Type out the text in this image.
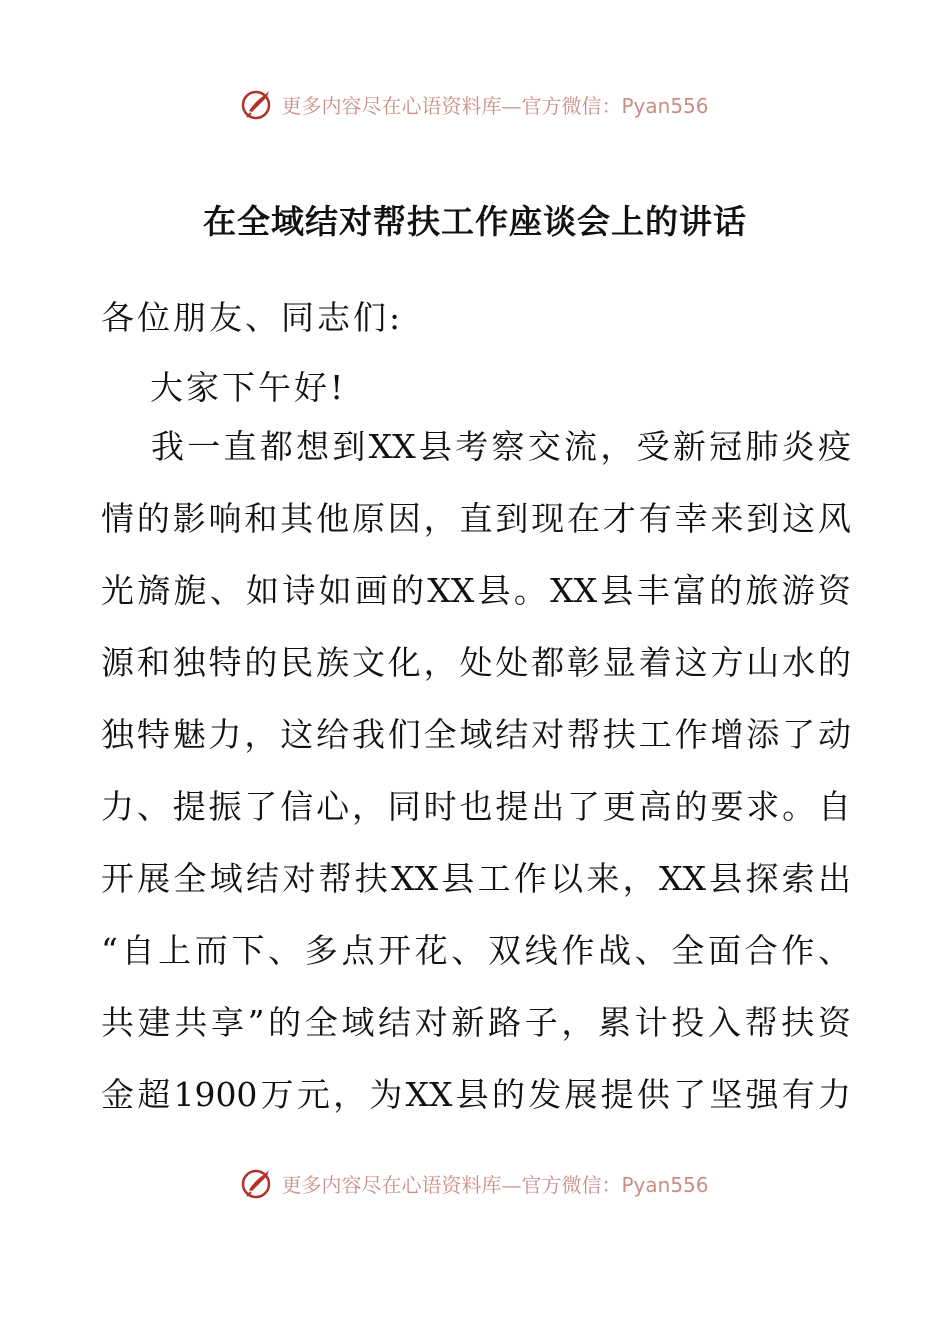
更多内容尽在心语资料库—官方微信：Pyan556
在全域结对帮扶工作座谈会上的讲话
各位朋友、同志们:
大家下午好!
我一直都想到XX县考察交流，受新冠肺炎疫
情的影响和其他原因，直到现在才有幸来到这风
光旖旎、如诗如画的XX县。XX县丰富的旅游资
源和独特的民族文化，处处都彰显着这方山水的
独特魅力，这给我们全域结对帮扶工作增添了动
力、提振了信心，同时也提出了更高的要求。自
开展全域结对帮扶XX县工作以来，XX县探索出
“自上而下、多点开花、双线作战、全面合作、
共建共享”的全域结对新路子，累计投入帮扶资
金超1900万元，为XX县的发展提供了坚强有力
更多内容尽在心语资料库—官方微信：Pyan556
